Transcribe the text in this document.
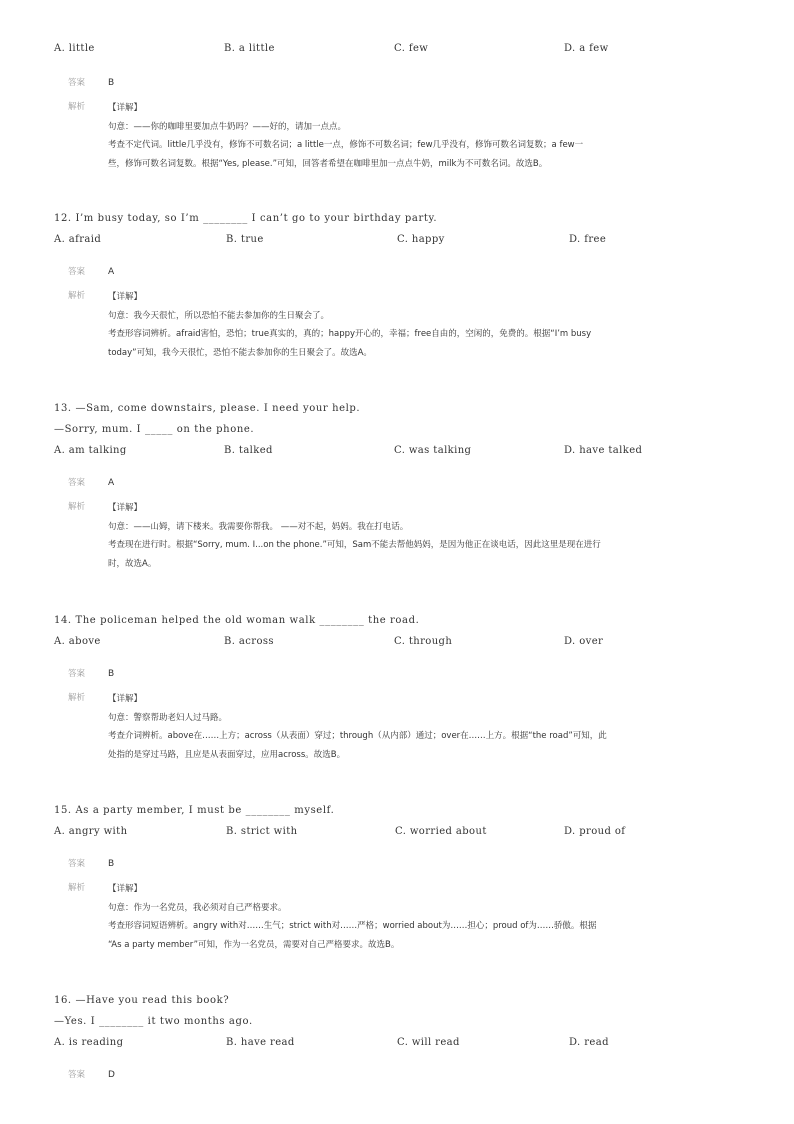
A. little	B. a little	C. few	D. a few
答案	B
解析	【详解】
句意：——你的咖啡里要加点牛奶吗？——好的，请加一点点。
考查不定代词。little几乎没有，修饰不可数名词；a little一点，修饰不可数名词；few几乎没有，修饰可数名词复数；a few一
些，修饰可数名词复数。根据“Yes, please.”可知，回答者希望在咖啡里加一点点牛奶，milk为不可数名词。故选B。
12. I’m busy today, so I’m ________ I can’t go to your birthday party.
A. afraid	B. true	C. happy	D. free
答案	A
解析	【详解】
句意：我今天很忙，所以恐怕不能去参加你的生日聚会了。
考查形容词辨析。afraid害怕，恐怕；true真实的，真的；happy开心的，幸福；free自由的，空闲的，免费的。根据“I’m busy
today”可知，我今天很忙，恐怕不能去参加你的生日聚会了。故选A。
13. —Sam, come downstairs, please. I need your help.
—Sorry, mum. I _____ on the phone.
A. am talking	B. talked	C. was talking	D. have talked
答案	A
解析	【详解】
句意：——山姆，请下楼来。我需要你帮我。 ——对不起，妈妈。我在打电话。
考查现在进行时。根据“Sorry, mum. I...on the phone.”可知，Sam不能去帮他妈妈，是因为他正在谈电话，因此这里是现在进行
时，故选A。
14. The policeman helped the old woman walk ________ the road.
A. above	B. across	C. through	D. over
答案	B
解析	【详解】
句意：警察帮助老妇人过马路。
考查介词辨析。above在……上方；across（从表面）穿过；through（从内部）通过；over在……上方。根据“the road”可知，此
处指的是穿过马路，且应是从表面穿过，应用across。故选B。
15. As a party member, I must be ________ myself.
A. angry with	B. strict with	C. worried about	D. proud of
答案	B
解析	【详解】
句意：作为一名党员，我必须对自己严格要求。
考查形容词短语辨析。angry with对……生气；strict with对……严格；worried about为……担心；proud of为……骄傲。根据
“As a party member”可知，作为一名党员，需要对自己严格要求。故选B。
16. —Have you read this book?
—Yes. I ________ it two months ago.
A. is reading	B. have read	C. will read	D. read
答案	D
